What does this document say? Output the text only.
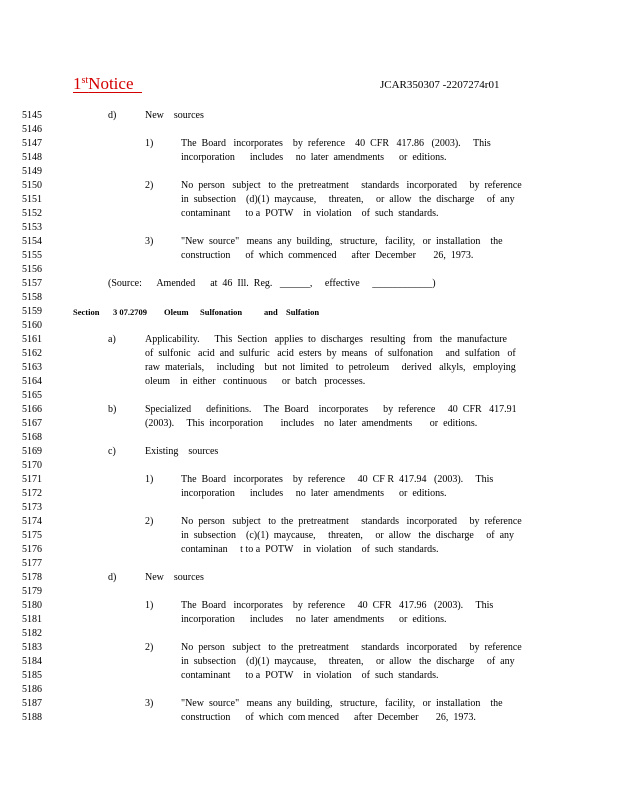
1stNotice	JCAR350307 -2207274r01
5145	d)	New    sources
5146
5147	1)	The  Board   incorporates    by  reference    40  CFR   417.86   (2003).     This
5148	incorporation      includes     no  later  amendments      or  editions.
5149
5150	2)	No  person   subject   to  the  pretreatment     standards   incorporated     by  reference
5151	in  subsection    (d)(1)  maycause,     threaten,     or  allow   the  discharge     of  any
5152	contaminant      to a  POTW    in  violation    of  such  standards.
5153
5154	3)	"New  source"   means  any  building,   structure,   facility,   or  installation    the
5155	construction      of  which  commenced      after  December       26,  1973.
5156
5157	(Source:      Amended      at  46  Ill.  Reg.   ______,     effective     ____________)
5158
5159	Section 3 07.2709 Oleum Sulfonation	and Sulfation
5160
5161	a)	Applicability.      This  Section   applies  to  discharges   resulting   from   the  manufacture
5162	of  sulfonic   acid  and  sulfuric   acid  esters  by  means   of  sulfonation     and  sulfation   of
5163	raw  materials,     including    but  not  limited   to  petroleum     derived   alkyls,   employing
5164	oleum    in  either   continuous      or  batch   processes.
5165
5166	b)	Specialized      definitions.     The  Board    incorporates      by  reference     40  CFR   417.91
5167	(2003).     This  incorporation       includes    no  later  amendments       or  editions.
5168
5169	c)	Existing    sources
5170
5171	1)	The  Board   incorporates    by  reference     40  CF R  417.94   (2003).     This
5172	incorporation      includes     no  later  amendments      or  editions.
5173
5174	2)	No  person   subject   to  the  pretreatment     standards   incorporated     by  reference
5175	in  subsection    (c)(1)  maycause,     threaten,     or  allow   the  discharge     of  any
5176	contaminan     t to a  POTW    in  violation    of  such  standards.
5177
5178	d)	New    sources
5179
5180	1)	The  Board   incorporates    by  reference     40  CFR   417.96   (2003).     This
5181	incorporation      includes     no  later  amendments      or  editions.
5182
5183	2)	No  person   subject   to  the  pretreatment     standards   incorporated     by  reference
5184	in  subsection    (d)(1)  maycause,     threaten,     or  allow   the  discharge     of  any
5185	contaminant      to a  POTW    in  violation    of  such  standards.
5186
5187	3)	"New  source"   means  any  building,   structure,   facility,   or  installation    the
5188	construction      of  which  com menced      after  December       26,  1973.
